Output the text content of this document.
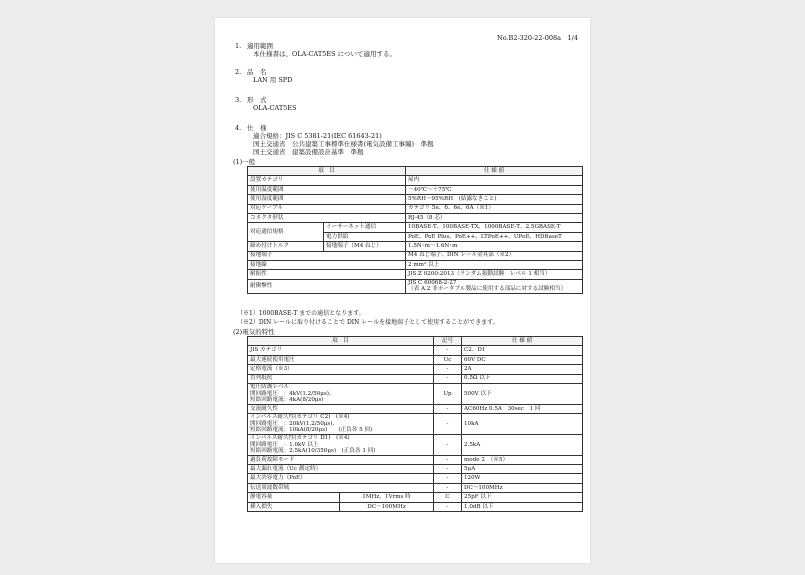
No.B2-320-22-008a　1/4
1. 適用範囲
本仕様書は、OLA-CAT5ES について適用する。
2. 品　名
LAN 用 SPD
3. 形　式
OLA-CAT5ES
4. 仕　様
適合規格：JIS C 5381-21(IEC 61643-21)
国土交通省　公共建築工事標準仕様書(電気設備工事編)　準拠
国土交通省　建築設備設計基準　準拠
(1)一般
項　目		仕 様 値
設置カテゴリ		屋内
使用温度範囲		－40℃～＋75℃
使用湿度範囲		5%RH～95%RH　(結露なきこと)
対応ケーブル		カテゴリ 5e、6、6e、6A（※1）
コネクタ形状		RJ-45（8 芯）
対応通信規格	イーサーネット通信	10BASE-T、100BASE-TX、1000BASE-T、2.5GBASE-T
	電力供給	PoE、PoE Plus、PoE++、LTPoE++、UPoE、HDBaseT
締め付けトルク	接地端子（M4 ねじ）	1.5N･m～1.6N･m
接地端子		M4 ねじ端子、DIN レール金具部（※2）
接地線		2 mm² 以上
耐振性		JIS Z 0200:2013（ランダム振動試験　レベル 1 相当）
耐衝撃性		JIS C 60068-2-27
（表 A.2 非ポータブル製品に使用する部品に対する試験相当）
（※1）1000BASE-T までの通信となります。
（※2）DIN レールに取り付けることで DIN レールを接地端子として使用することができます。
(2)電気的特性
項　目		記号	仕 様 値
JIS カテゴリ		-	C2、D1
最大連続使用電圧		Uc	60V DC
定格電流（※3）		-	2A
直列抵抗		-	0.5Ω 以下

電圧防護レベル
開回路電圧　：4kV(1.2/50μs)、
短絡回路電流：4kA(8/20μs)		Up	500V 以下
交流耐久性		-	AC60Hz 0.5A　30sec　1 回

インパルス耐久性(カテゴリ C2)　(※4)
開回路電圧　：20kV(1.2/50μs)、
短絡回路電流：10kA(8/20μs)　　(正負各 5 回)		-	10kA

インパルス耐久性(カテゴリ D1)　(※4)
開回路電圧　：1.0kV 以上
短絡回路電流：2.5kA(10/350μs)　(正負各 1 回)		-	2.5kA
過負荷故障モード		-	mode 2　（※5）
最大漏れ電流（Uc 測定時）		-	5μA
最大許容電力（PoE）		-	120W
伝送周波数帯域		-	DC～100MHz
静電容量	1MHz、1Vrms 時	C	25pF 以下
挿入損失	DC～100MHz	-	1.0dB 以下
